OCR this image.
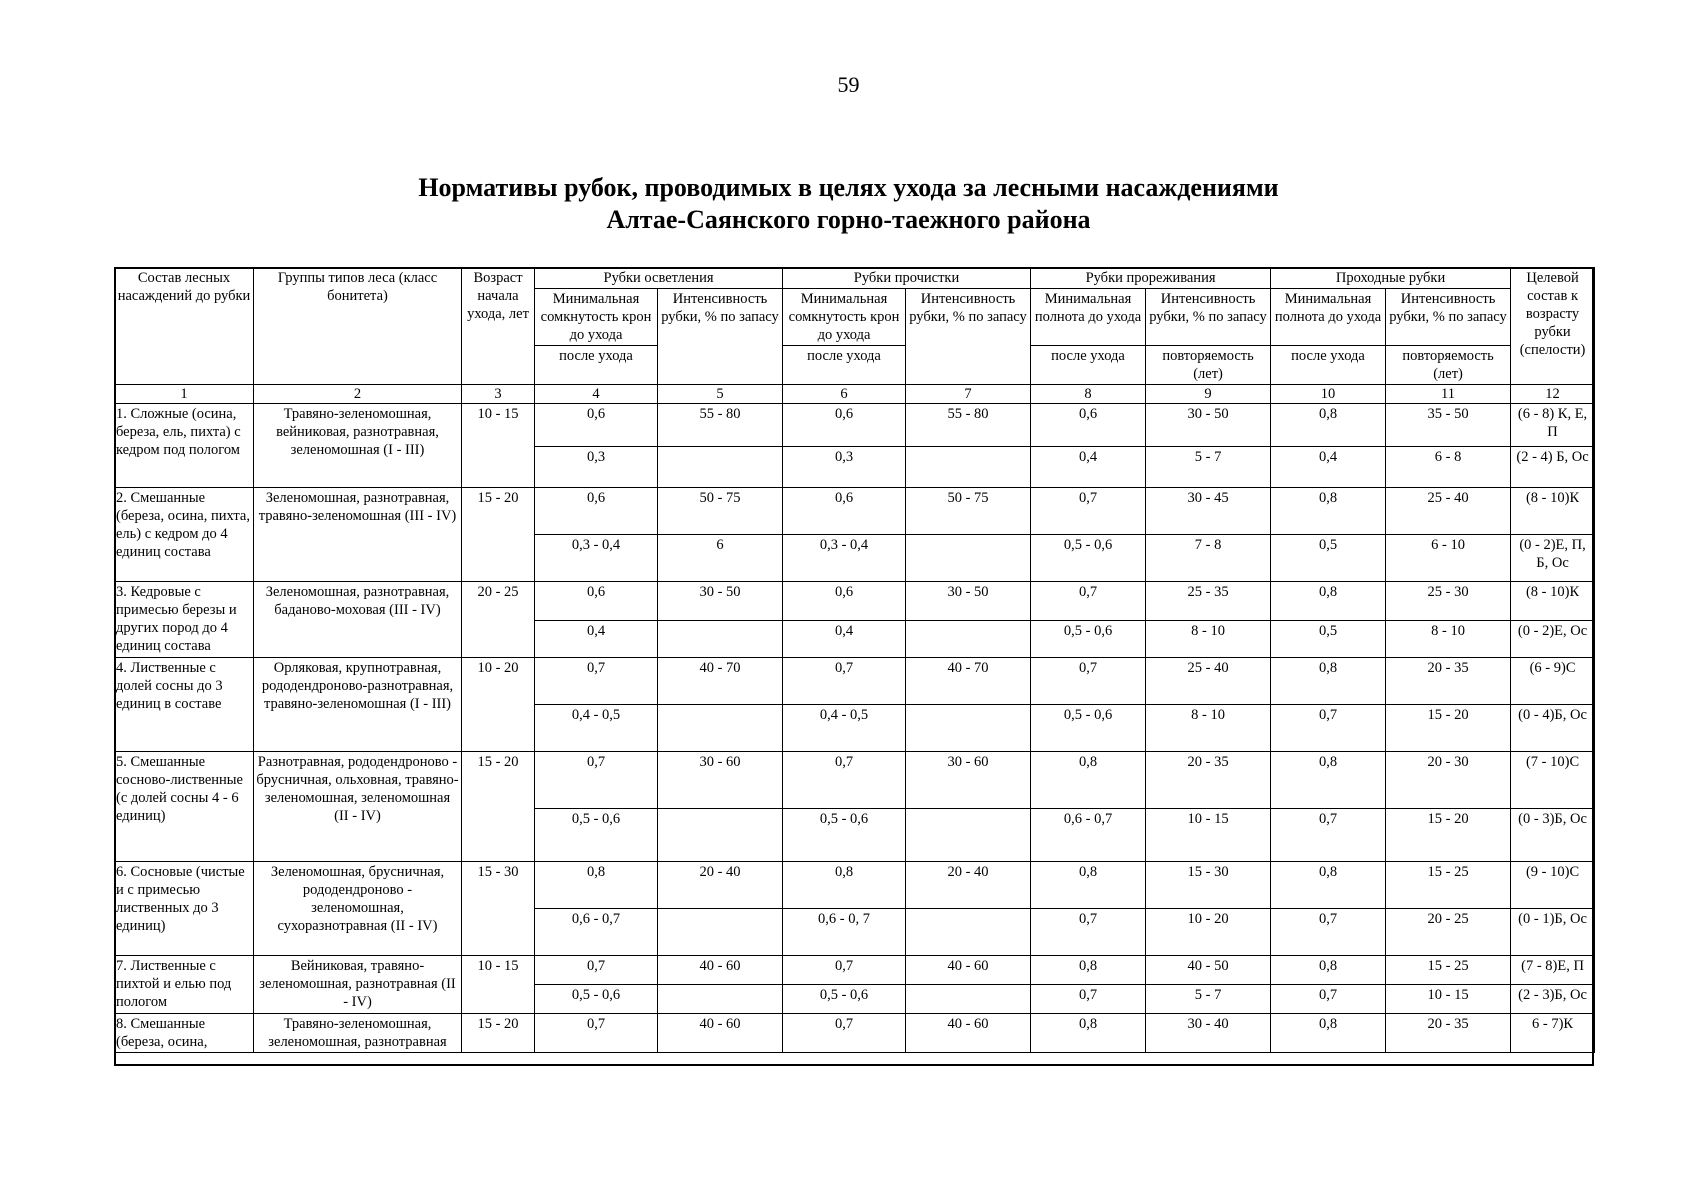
59
Нормативы рубок, проводимых в целях ухода за лесными насаждениями
Алтае-Саянского горно-таежного района
Состав лесных насаждений до рубки	Группы типов леса (класс бонитета)	Возраст начала ухода, лет	Рубки осветления		Рубки прочистки		Рубки прореживания		Проходные рубки		Целевой состав к возрасту рубки (спелости)
			Минимальная сомкнутость крон до ухода	Интенсивность рубки, % по запасу	Минимальная сомкнутость крон до ухода	Интенсивность рубки, % по запасу	Минимальная полнота до ухода	Интенсивность рубки, % по запасу	Минимальная полнота до ухода	Интенсивность рубки, % по запасу	
			после ухода		после ухода		после ухода	повторяемость (лет)	после ухода	повторяемость (лет)	
1	2	3	4	5	6	7	8	9	10	11	12
1. Сложные (осина, береза, ель, пихта) с кедром под пологом	Травяно-зеленомошная, вейниковая, разнотравная, зеленомошная (I - III)	10 - 15	0,6	55 - 80	0,6	55 - 80	0,6	30 - 50	0,8	35 - 50	(6 - 8) К, Е, П
			0,3		0,3		0,4	5 - 7	0,4	6 - 8	(2 - 4) Б, Ос
2. Смешанные (береза, осина, пихта, ель) с кедром до 4 единиц состава	Зеленомошная, разнотравная, травяно-зеленомошная (III - IV)	15 - 20	0,6	50 - 75	0,6	50 - 75	0,7	30 - 45	0,8	25 - 40	(8 - 10)К
			0,3 - 0,4	6	0,3 - 0,4		0,5 - 0,6	7 - 8	0,5	6 - 10	(0 - 2)Е, П, Б, Ос
3. Кедровые с примесью березы и других пород до 4 единиц состава	Зеленомошная, разнотравная, баданово-моховая (III - IV)	20 - 25	0,6	30 - 50	0,6	30 - 50	0,7	25 - 35	0,8	25 - 30	(8 - 10)К
			0,4		0,4		0,5 - 0,6	8 - 10	0,5	8 - 10	(0 - 2)Е, Ос
4. Лиственные с долей сосны до 3 единиц в составе	Орляковая, крупнотравная, рододендроново-разнотравная, травяно-зеленомошная (I - III)	10 - 20	0,7	40 - 70	0,7	40 - 70	0,7	25 - 40	0,8	20 - 35	(6 - 9)С
			0,4 - 0,5		0,4 - 0,5		0,5 - 0,6	8 - 10	0,7	15 - 20	(0 - 4)Б, Ос
5. Смешанные сосново-лиственные (с долей сосны 4 - 6 единиц)	Разнотравная, рододендроново - брусничная, ольховная, травяно-зеленомошная, зеленомошная (II - IV)	15 - 20	0,7	30 - 60	0,7	30 - 60	0,8	20 - 35	0,8	20 - 30	(7 - 10)С
			0,5 - 0,6		0,5 - 0,6		0,6 - 0,7	10 - 15	0,7	15 - 20	(0 - 3)Б, Ос
6. Сосновые (чистые и с примесью лиственных до 3 единиц)	Зеленомошная, брусничная, рододендроново - зеленомошная, сухоразнотравная (II - IV)	15 - 30	0,8	20 - 40	0,8	20 - 40	0,8	15 - 30	0,8	15 - 25	(9 - 10)С
			0,6 - 0,7		0,6 - 0, 7		0,7	10 - 20	0,7	20 - 25	(0 - 1)Б, Ос
7. Лиственные с пихтой и елью под пологом	Вейниковая, травяно-зеленомошная, разнотравная (II - IV)	10 - 15	0,7	40 - 60	0,7	40 - 60	0,8	40 - 50	0,8	15 - 25	(7 - 8)Е, П
			0,5 - 0,6		0,5 - 0,6		0,7	5 - 7	0,7	10 - 15	(2 - 3)Б, Ос
8. Смешанные (береза, осина,	Травяно-зеленомошная, зеленомошная, разнотравная	15 - 20	0,7	40 - 60	0,7	40 - 60	0,8	30 - 40	0,8	20 - 35	6 - 7)К
